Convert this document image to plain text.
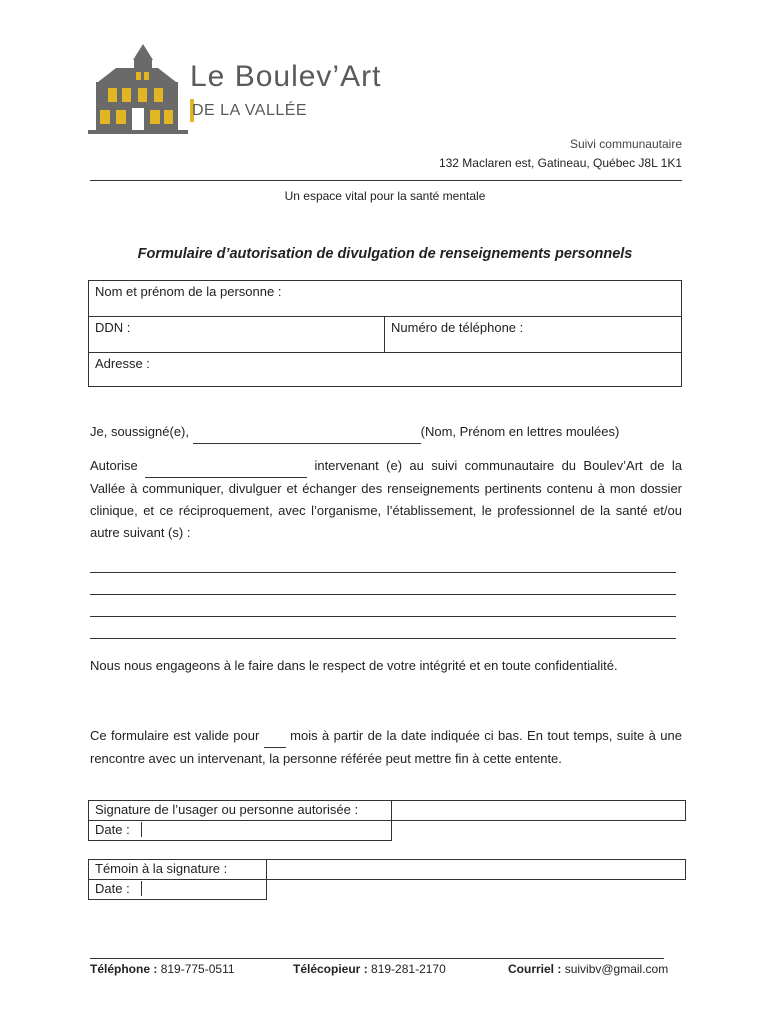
Le Boulev’Art
DE LA VALLÉE
Suivi communautaire
132 Maclaren est, Gatineau, Québec J8L 1K1
Un espace vital pour la santé mentale
Formulaire d’autorisation de divulgation de renseignements personnels
Nom et prénom de la personne :
DDN :	Numéro de téléphone :
Adresse :
Je, soussigné(e),	(Nom, Prénom en lettres moulées)
Autorise	intervenant (e) au suivi communautaire du Boulev’Art de la Vallée à communiquer, divulguer et échanger des renseignements pertinents contenu à mon dossier clinique, et ce réciproquement, avec l’organisme, l’établissement, le professionnel de la santé et/ou autre suivant (s) :
Nous nous engageons à le faire dans le respect de votre intégrité et en toute confidentialité.
Ce formulaire est valide pour mois à partir de la date indiquée ci bas. En tout temps, suite à une rencontre avec un intervenant, la personne référée peut mettre fin à cette entente.
Signature de l’usager ou personne autorisée :	

Date :	

Témoin à la signature :	

Date :	

Téléphone : 819-775-0511	Télécopieur : 819-281-2170	Courriel : suivibv@gmail.com
